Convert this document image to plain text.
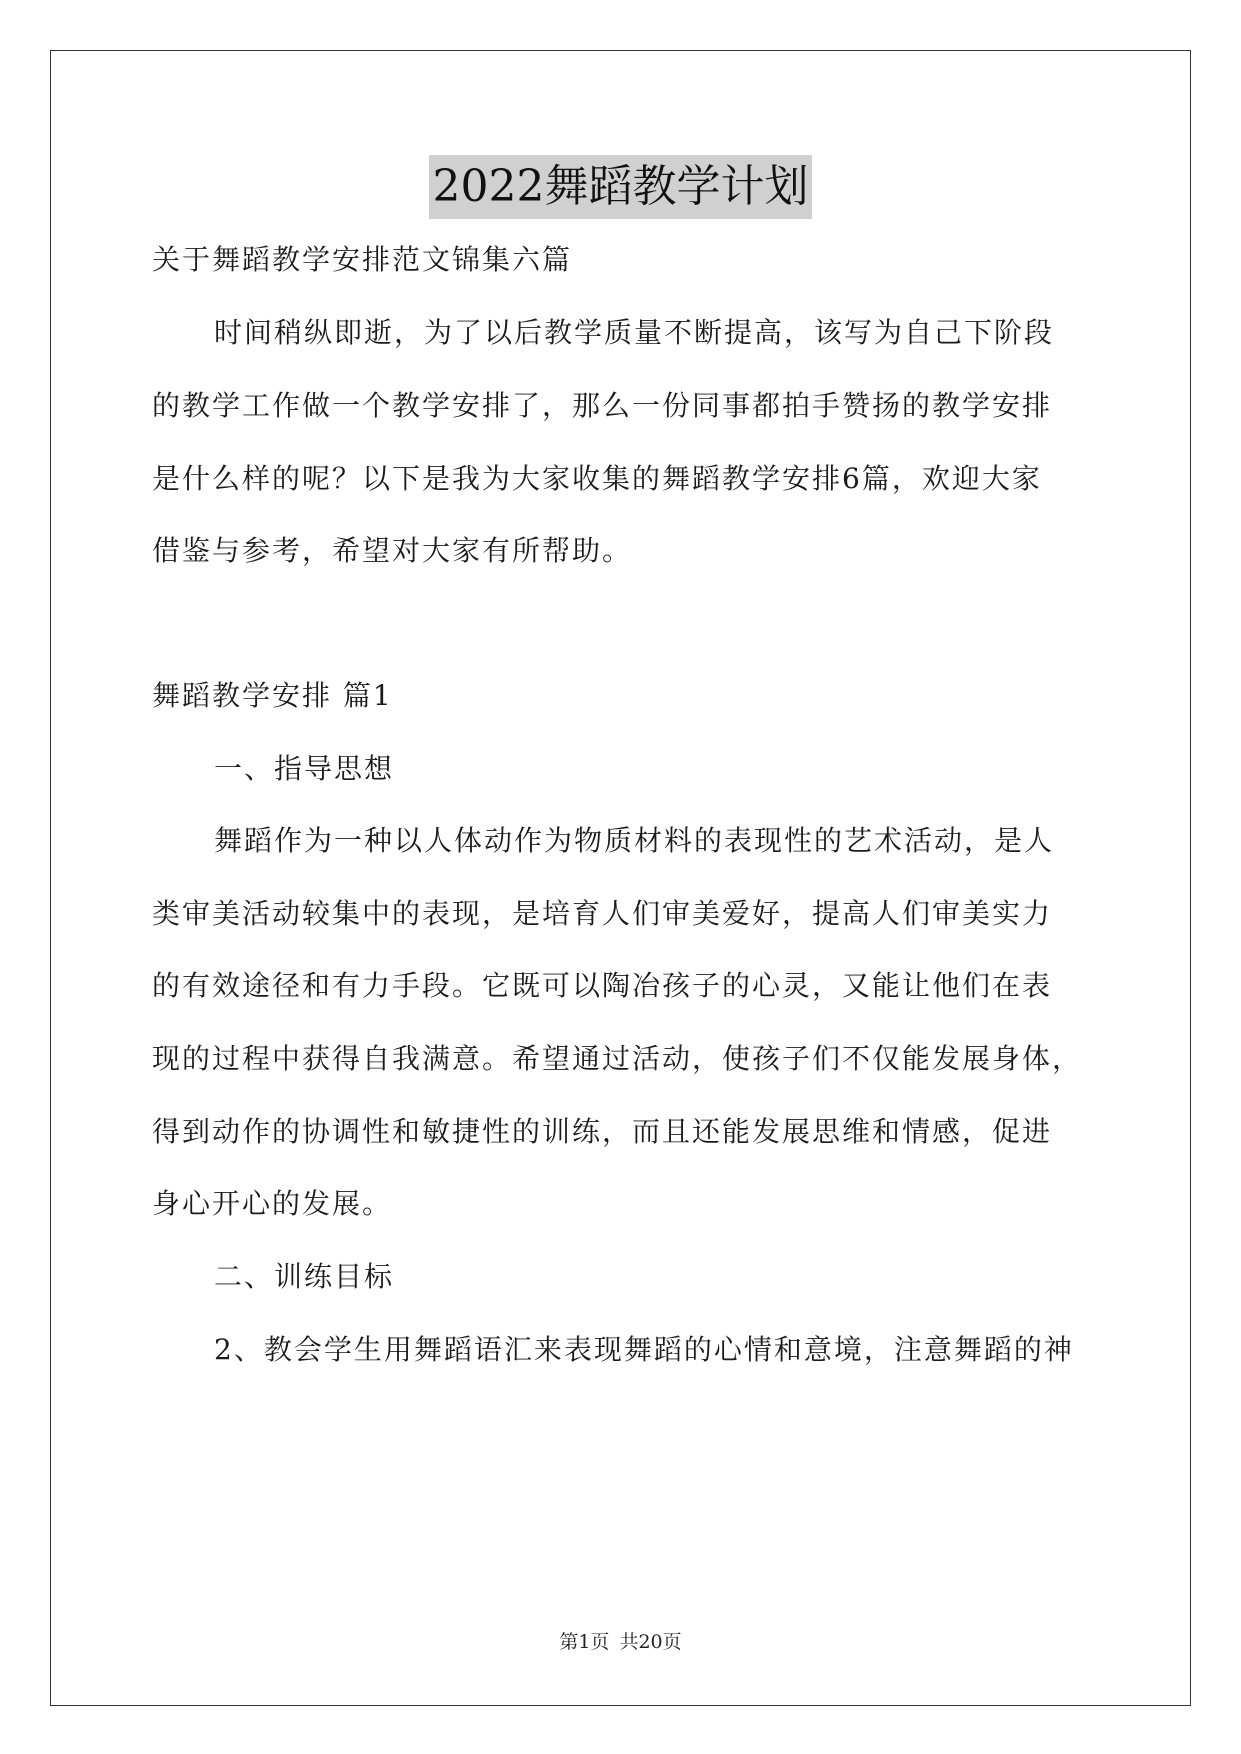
2022舞蹈教学计划
关于舞蹈教学安排范文锦集六篇
时间稍纵即逝，为了以后教学质量不断提高，该写为自己下阶段
的教学工作做一个教学安排了，那么一份同事都拍手赞扬的教学安排
是什么样的呢？以下是我为大家收集的舞蹈教学安排6篇，欢迎大家
借鉴与参考，希望对大家有所帮助。
舞蹈教学安排 篇1
一、指导思想
舞蹈作为一种以人体动作为物质材料的表现性的艺术活动，是人
类审美活动较集中的表现，是培育人们审美爱好，提高人们审美实力
的有效途径和有力手段。它既可以陶冶孩子的心灵，又能让他们在表
现的过程中获得自我满意。希望通过活动，使孩子们不仅能发展身体，
得到动作的协调性和敏捷性的训练，而且还能发展思维和情感，促进
身心开心的发展。
二、训练目标
2、教会学生用舞蹈语汇来表现舞蹈的心情和意境，注意舞蹈的神
第1页 共20页
